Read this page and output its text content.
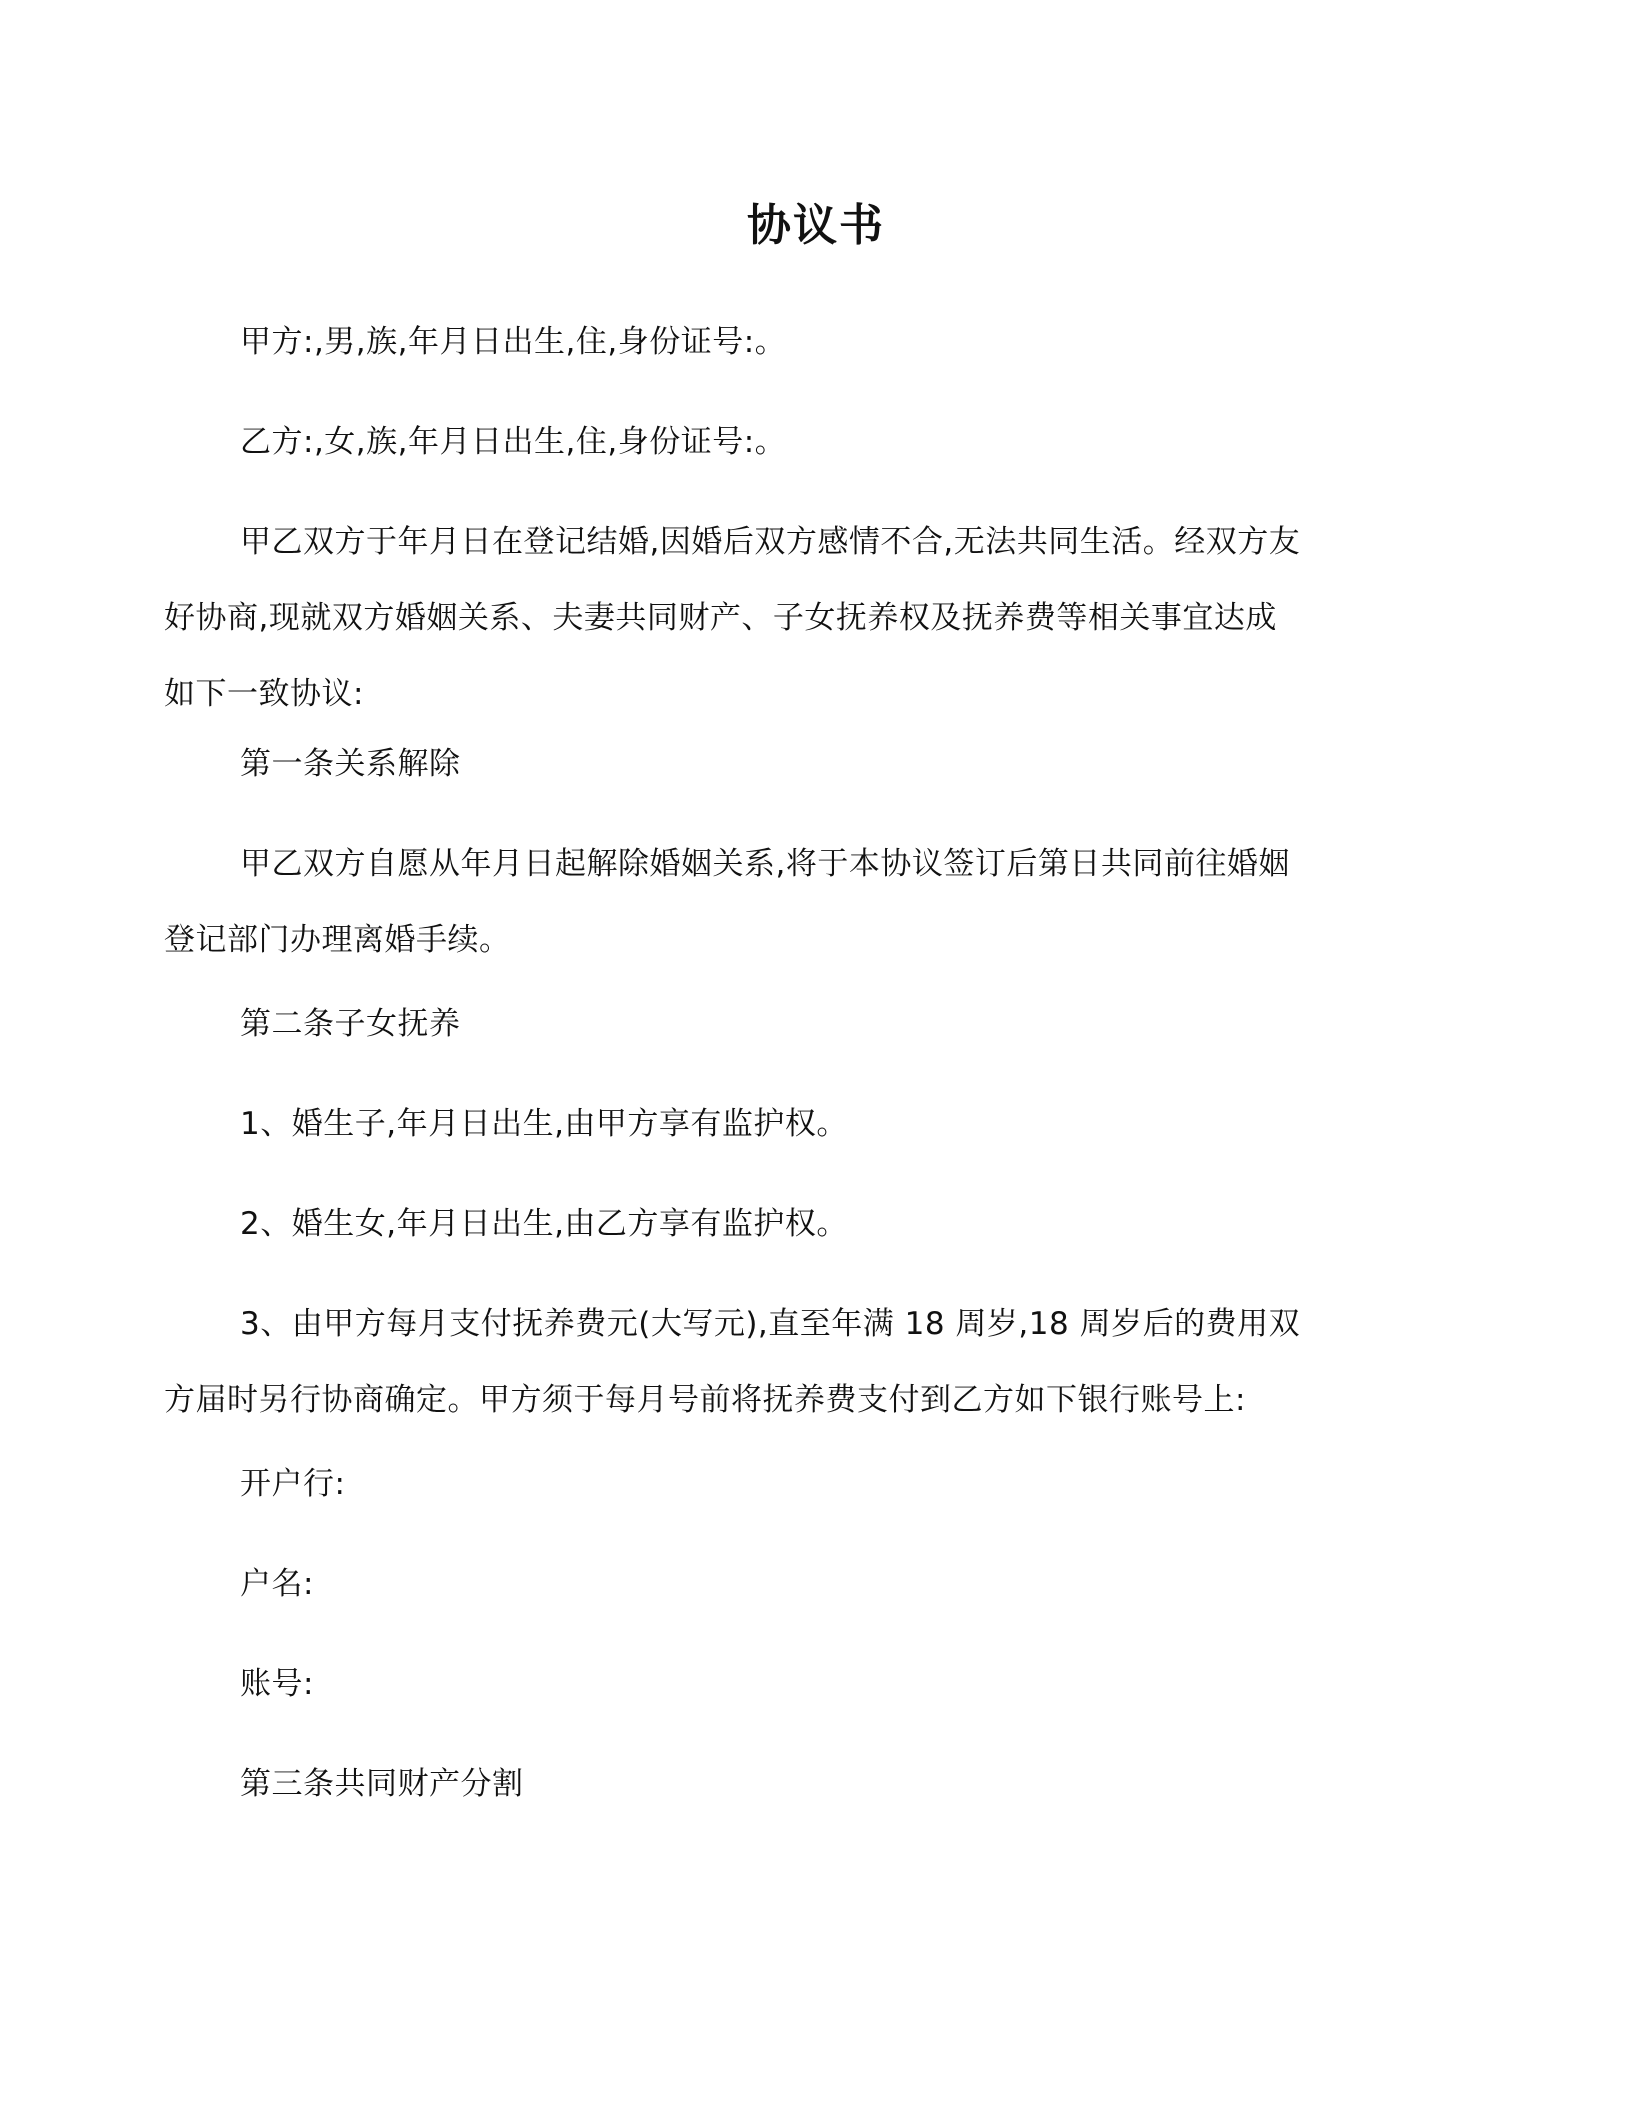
协议书
甲方:,男,族,年月日出生,住,身份证号:。
乙方:,女,族,年月日出生,住,身份证号:。
甲乙双方于年月日在登记结婚,因婚后双方感情不合,无法共同生活。经双方友
好协商,现就双方婚姻关系、夫妻共同财产、子女抚养权及抚养费等相关事宜达成
如下一致协议:
第一条关系解除
甲乙双方自愿从年月日起解除婚姻关系,将于本协议签订后第日共同前往婚姻
登记部门办理离婚手续。
第二条子女抚养
1、婚生子,年月日出生,由甲方享有监护权。
2、婚生女,年月日出生,由乙方享有监护权。
3、由甲方每月支付抚养费元(大写元),直至年满 18 周岁,18 周岁后的费用双
方届时另行协商确定。甲方须于每月号前将抚养费支付到乙方如下银行账号上:
开户行:
户名:
账号:
第三条共同财产分割
